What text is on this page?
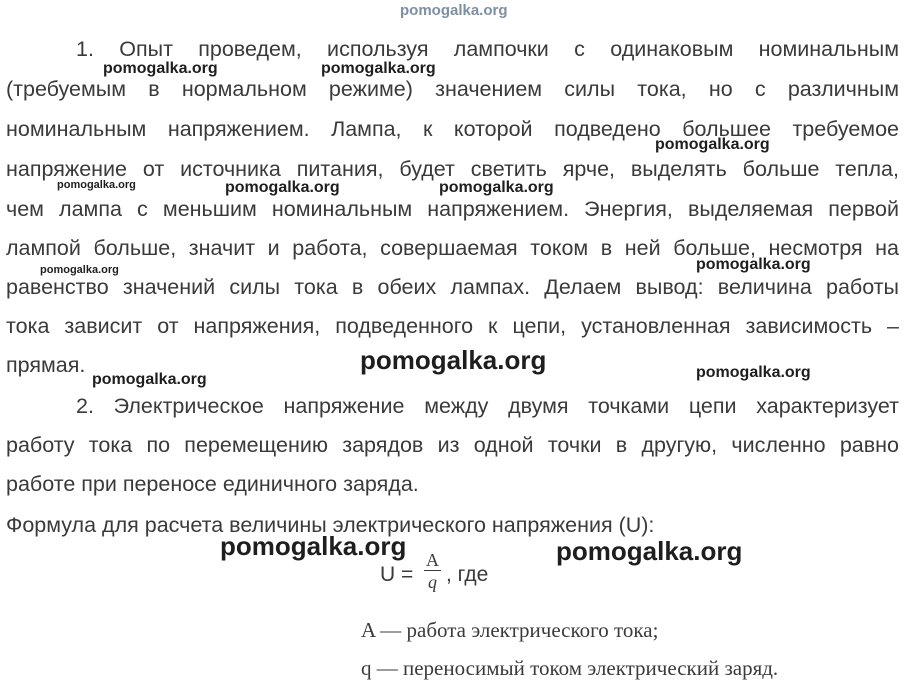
pomogalka.org
1. Опыт проведем, используя лампочки с одинаковым номинальным
(требуемым в нормальном режиме) значением силы тока, но с различным
номинальным напряжением. Лампа, к которой подведено большее требуемое
напряжение от источника питания, будет светить ярче, выделять больше тепла,
чем лампа с меньшим номинальным напряжением. Энергия, выделяемая первой
лампой больше, значит и работа, совершаемая током в ней больше, несмотря на
равенство значений силы тока в обеих лампах. Делаем вывод: величина работы
тока зависит от напряжения, подведенного к цепи, установленная зависимость –
прямая.
2. Электрическое напряжение между двумя точками цепи характеризует
работу тока по перемещению зарядов из одной точки в другую, численно равно
работе при переносе единичного заряда.
Формула для расчета величины электрического напряжения (U):
$U = \frac{A}{q}$ , где
A — работа электрического тока;
q — переносимый током электрический заряд.
pomogalka.org	pomogalka.org
pomogalka.org
pomogalka.org	pomogalka.org	pomogalka.org
pomogalka.org
pomogalka.org
pomogalka.org
pomogalka.org	pomogalka.org
pomogalka.org	pomogalka.org
